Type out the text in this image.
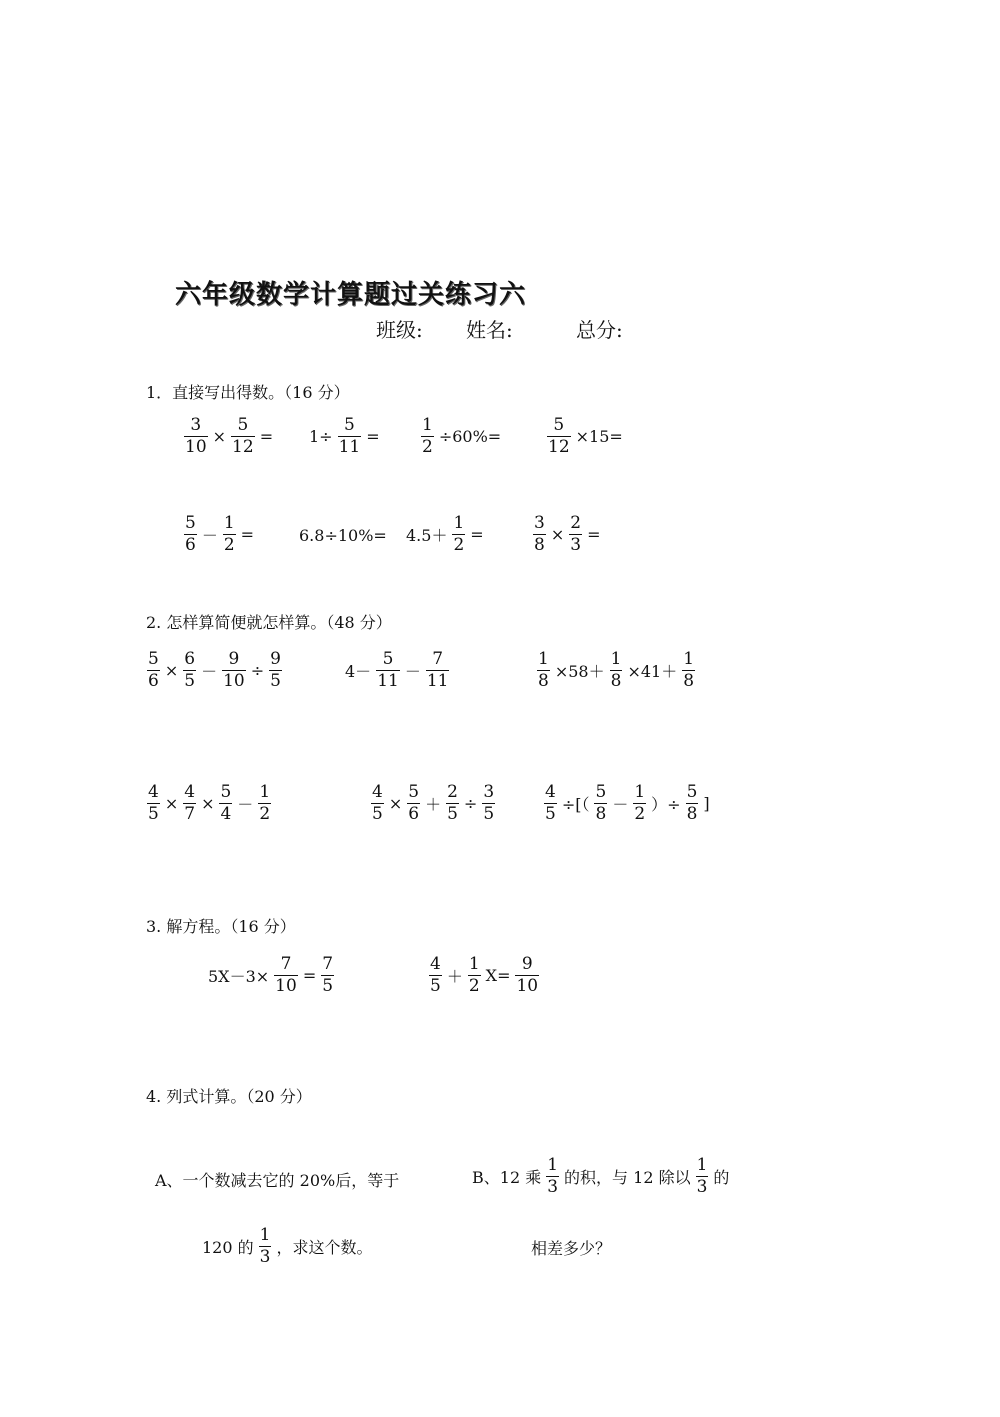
六年级数学计算题过关练习六
班级: 姓名:	总分:
1．直接写出得数。（16 分）
2. 怎样算简便就怎样算。（48 分）
3. 解方程。（16 分）
4. 列式计算。（20 分）
$\frac{3}{10} \times \frac{5}{12} = 1\div \frac{5}{11} = \frac{1}{2} \div 60\%=$	$\frac{5}{12} \times 15=$
$\frac{5}{6} - \frac{1}{2}$ =	$6.8\div 10\%= 4.5+ \frac{1}{2}$ =	$\frac{3}{8} \times \frac{2}{3}$ =
$\frac{5}{6} \times \frac{6}{5} - \frac{9}{10} \div \frac{9}{5}$	$4- \frac{5}{11} - \frac{7}{11}$	$\frac{1}{8} \times 58+ \frac{1}{8} \times 41+ \frac{1}{8}$
$\frac{4}{5} \times \frac{4}{7} \times \frac{5}{4} - \frac{1}{2}$	$\frac{4}{5} \times \frac{5}{6} + \frac{2}{5} \div \frac{3}{5}$	$\frac{4}{5}$ ÷[（ $\frac{5}{8} - \frac{1}{2}$ ）÷ $\frac{5}{8}$ ]
$5X-3\times \frac{7}{10} = \frac{7}{5}$	$\frac{4}{5} + \frac{1}{2} X= \frac{9}{10}$
A、一个数减去它的 20%后，等于	B、12 乘 $\frac{1}{3}$ 的积，与 12 除以 $\frac{1}{3}$ 的
120 的 $\frac{1}{3}$ ，求这个数。	相差多少？
